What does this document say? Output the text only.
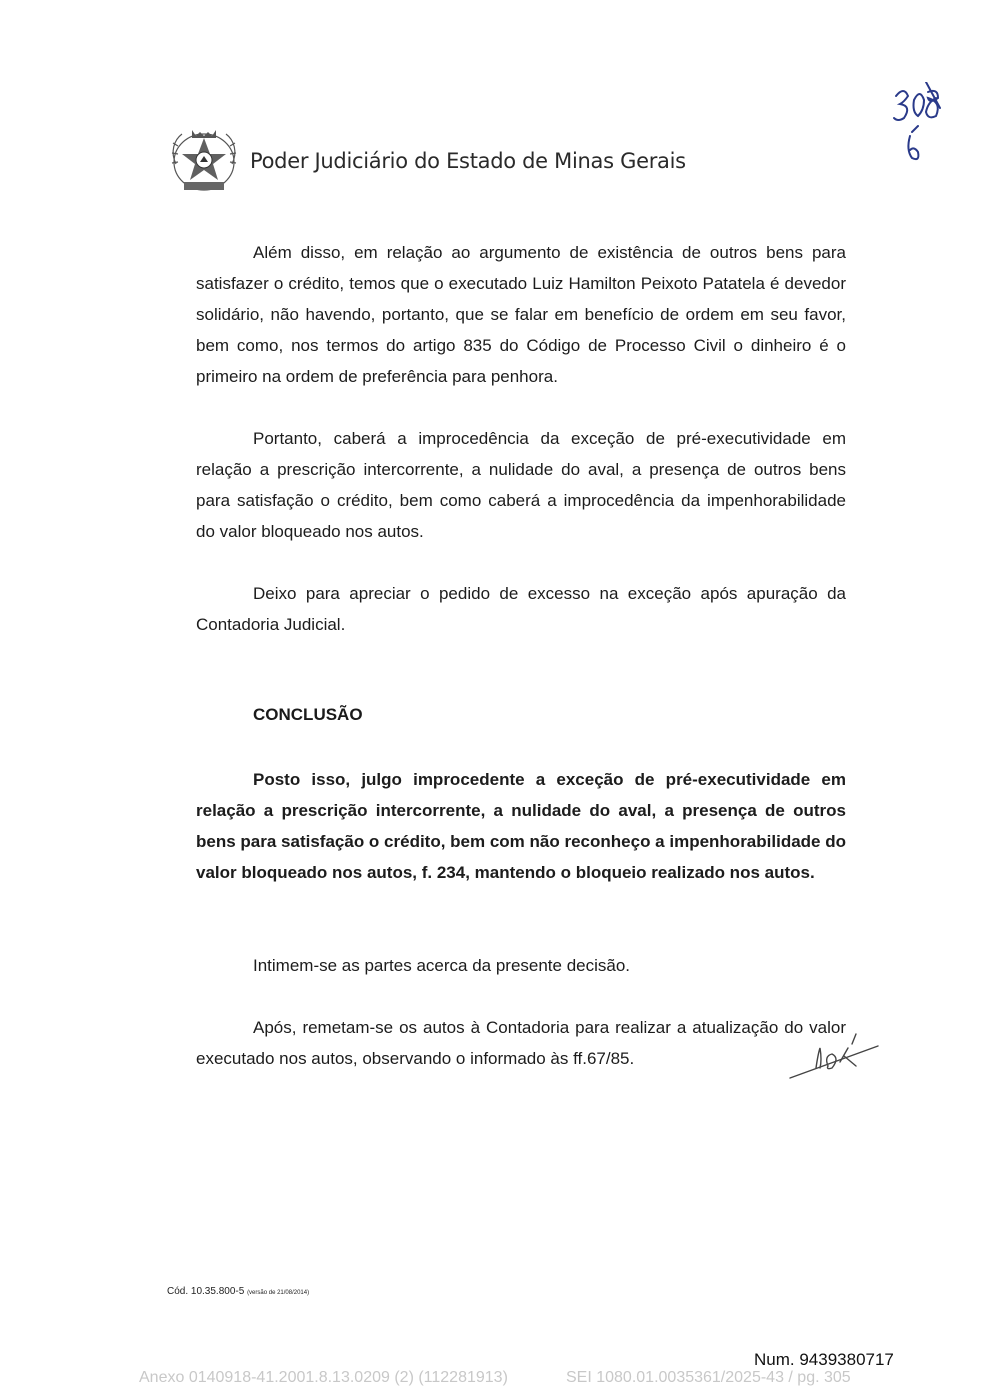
Poder Judiciário do Estado de Minas Gerais

Além disso, em relação ao argumento de existência de outros bens para satisfazer o crédito, temos que o executado Luiz Hamilton Peixoto Patatela é devedor solidário, não havendo, portanto, que se falar em benefício de ordem em seu favor, bem como, nos termos do artigo 835 do Código de Processo Civil o dinheiro é o primeiro na ordem de preferência para penhora.

Portanto, caberá a improcedência da exceção de pré-executividade em relação a prescrição intercorrente, a nulidade do aval, a presença de outros bens para satisfação o crédito, bem como caberá a improcedência da impenhorabilidade do valor bloqueado nos autos.

Deixo para apreciar o pedido de excesso na exceção após apuração da Contadoria Judicial.

CONCLUSÃO

Posto isso, julgo improcedente a exceção de pré-executividade em relação a prescrição intercorrente, a nulidade do aval, a presença de outros bens para satisfação o crédito, bem com não reconheço a impenhorabilidade do valor bloqueado nos autos, f. 234, mantendo o bloqueio realizado nos autos.

Intimem-se as partes acerca da presente decisão.

Após, remetam-se os autos à Contadoria para realizar a atualização do valor executado nos autos, observando o informado às ff.67/85.

Cód. 10.35.800-5 (versão de 21/08/2014)
Num. 9439380717
Anexo 0140918-41.2001.8.13.0209 (2) (112281913)	SEI 1080.01.0035361/2025-43 / pg. 305
